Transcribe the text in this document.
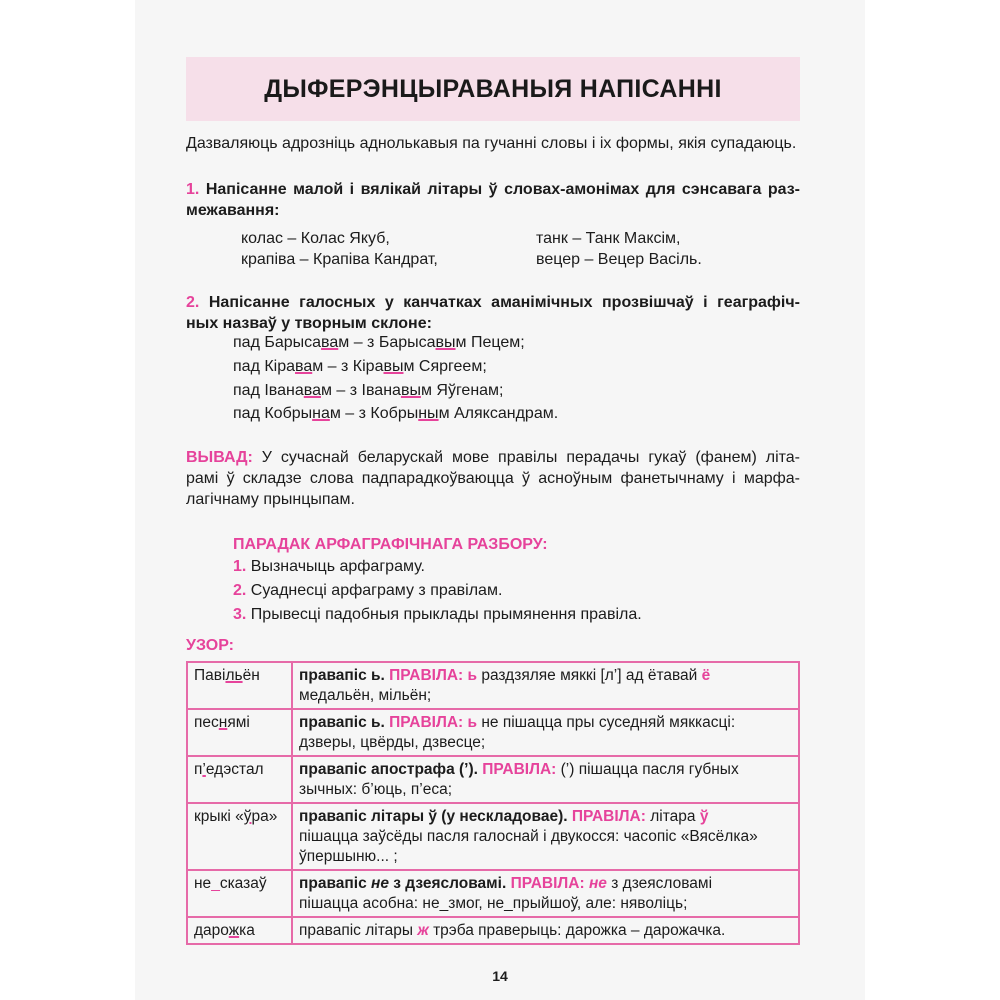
ДЫФЕРЭНЦЫРАВАНЫЯ НАПІСАННІ
Дазваляюць адрозніць аднолькавыя па гучанні словы і іх формы, якія супадаюць.
1. Напісанне малой і вялікай літары ў словах-амонімах для сэнсавага раз-
межавання:
колас – Колас Якуб,
крапіва – Крапіва Кандрат,
танк – Танк Максім,
вецер – Вецер Васіль.
2. Напісанне галосных у канчатках аманімічных прозвішчаў і геаграфіч-
ных назваў у творным склоне:
пад Барысавам – з Барысавым Пецем;
пад Кіравам – з Кіравым Сяргеем;
пад Іванавам – з Іванавым Яўгенам;
пад Кобрынам – з Кобрыным Аляксандрам.
ВЫВАД: У сучаснай беларускай мове правілы перадачы гукаў (фанем) літа-
рамі ў складзе слова падпарадкоўваюцца ў асноўным фанетычнаму і марфа-
лагічнаму прынцыпам.
ПАРАДАК АРФАГРАФІЧНАГА РАЗБОРУ:
1. Вызначыць арфаграму.
2. Суаднесці арфаграму з правілам.
3. Прывесці падобныя прыклады прымянення правіла.
УЗОР:
Павільён	правапіс ь. ПРАВІЛА: ь раздзяляе мяккі [л’] ад ётавай ё
медальён, мільён;
песнямі	правапіс ь. ПРАВІЛА: ь не пішацца пры суседняй мяккасці:
дзверы, цвёрды, дзвесце;
п’едэстал	правапіс апострафа (’). ПРАВІЛА: (’) пішацца пасля губных
зычных: б’юць, п’еса;
крыкі «ўра»	правапіс літары ў (у нескладовае). ПРАВІЛА: літара ў
пішацца заўсёды пасля галоснай і двукосся: часопіс «Вясёлка»
ўпершыню... ;
не_сказаў	правапіс не з дзеясловамі. ПРАВІЛА: не з дзеясловамі
пішацца асобна: не_змог, не_прыйшоў, але: няволіць;
дарожка	правапіс літары ж трэба праверыць: дарожка – дарожачка.
14
